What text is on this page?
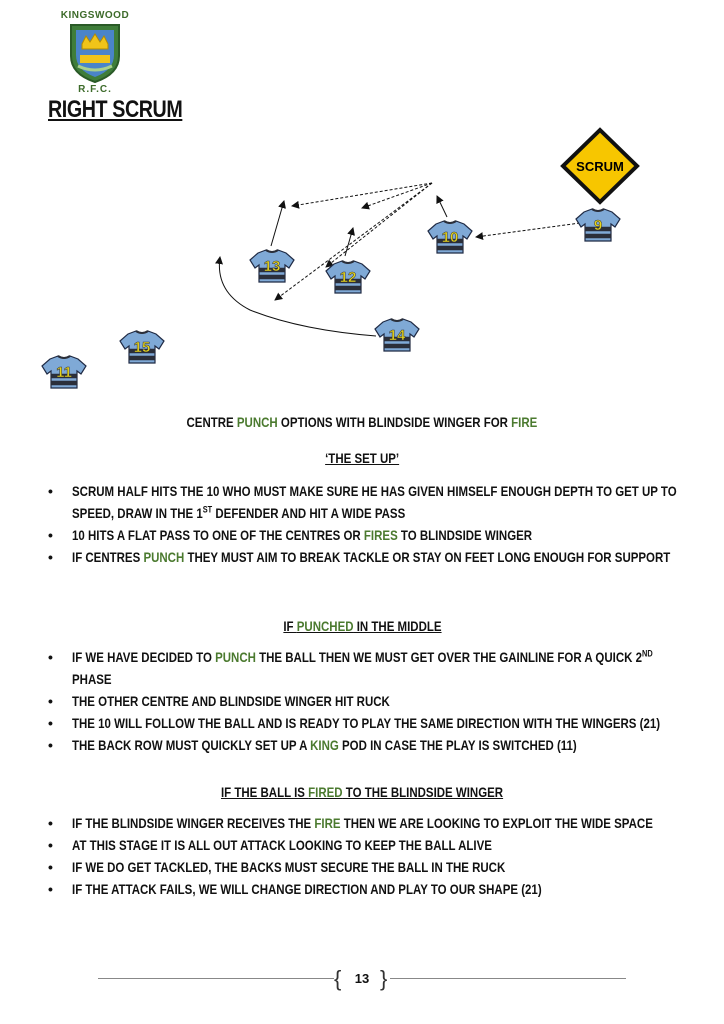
KINGSWOOD
R.F.C.
RIGHT SCRUM
SCRUM
9
10
12
13
14
15
11
CENTRE PUNCH OPTIONS WITH BLINDSIDE WINGER FOR FIRE
‘THE SET UP’
• SCRUM HALF HITS THE 10 WHO MUST MAKE SURE HE HAS GIVEN HIMSELF ENOUGH DEPTH TO GET UP TO
SPEED, DRAW IN THE 1ST DEFENDER AND HIT A WIDE PASS
• 10 HITS A FLAT PASS TO ONE OF THE CENTRES OR FIRES TO BLINDSIDE WINGER
• IF CENTRES PUNCH THEY MUST AIM TO BREAK TACKLE OR STAY ON FEET LONG ENOUGH FOR SUPPORT
IF PUNCHED IN THE MIDDLE
• IF WE HAVE DECIDED TO PUNCH THE BALL THEN WE MUST GET OVER THE GAINLINE FOR A QUICK 2ND PHASE
• THE OTHER CENTRE AND BLINDSIDE WINGER HIT RUCK
• THE 10 WILL FOLLOW THE BALL AND IS READY TO PLAY THE SAME DIRECTION WITH THE WINGERS (21)
• THE BACK ROW MUST QUICKLY SET UP A KING POD IN CASE THE PLAY IS SWITCHED (11)
IF THE BALL IS FIRED TO THE BLINDSIDE WINGER
• IF THE BLINDSIDE WINGER RECEIVES THE FIRE THEN WE ARE LOOKING TO EXPLOIT THE WIDE SPACE
• AT THIS STAGE IT IS ALL OUT ATTACK LOOKING TO KEEP THE BALL ALIVE
• IF WE DO GET TACKLED, THE BACKS MUST SECURE THE BALL IN THE RUCK
• IF THE ATTACK FAILS, WE WILL CHANGE DIRECTION AND PLAY TO OUR SHAPE (21)
{ }
13
